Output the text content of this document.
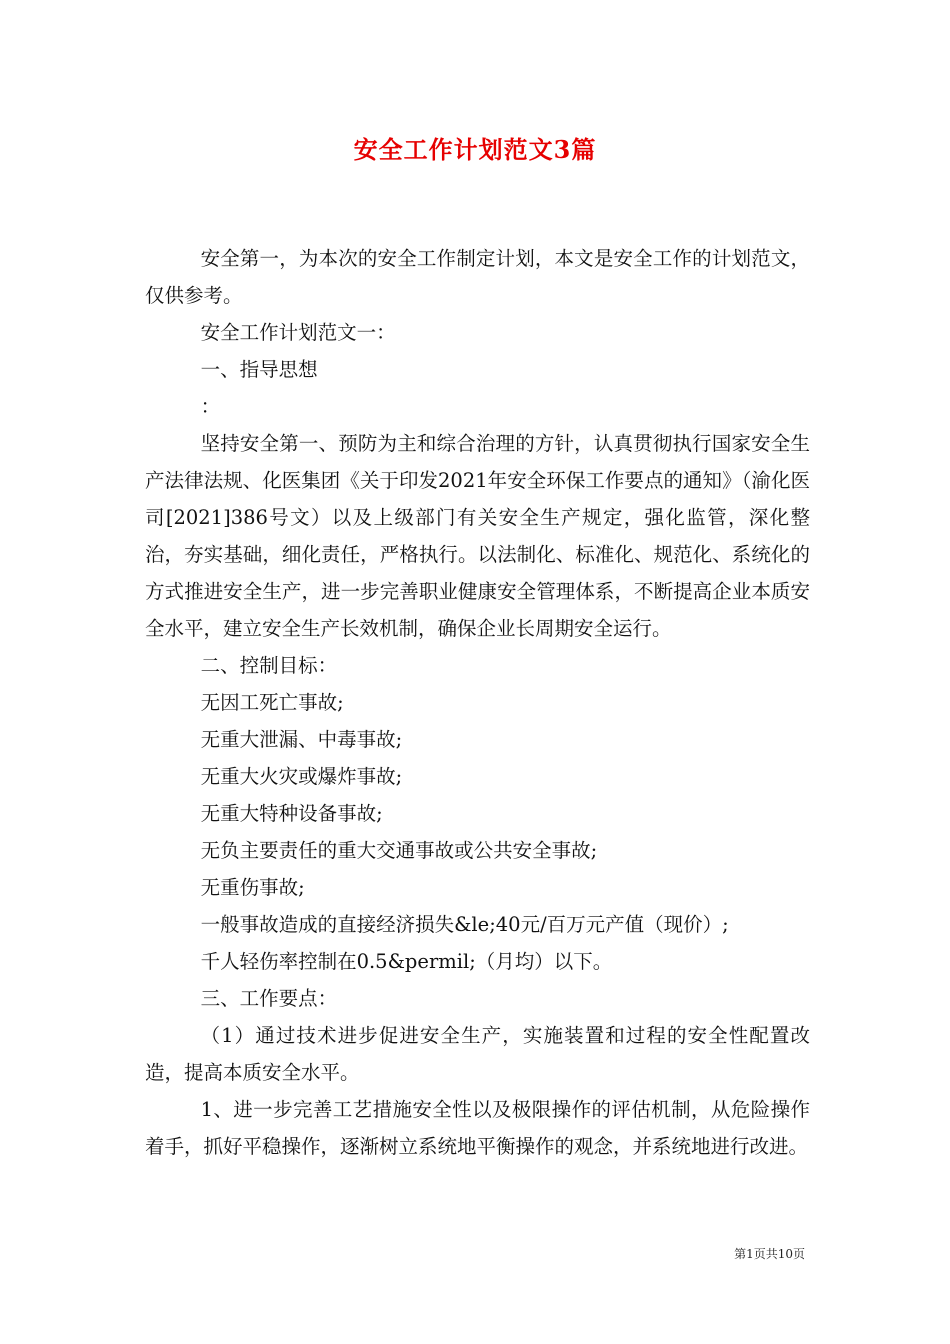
安全工作计划范文3篇

安全第一，为本次的安全工作制定计划，本文是安全工作的计划范文，仅供参考。

安全工作计划范文一：

一、指导思想

：

坚持安全第一、预防为主和综合治理的方针，认真贯彻执行国家安全生产法律法规、化医集团《关于印发2021年安全环保工作要点的通知》（渝化医司[2021]386号文）以及上级部门有关安全生产规定，强化监管，深化整治，夯实基础，细化责任，严格执行。以法制化、标准化、规范化、系统化的方式推进安全生产，进一步完善职业健康安全管理体系，不断提高企业本质安全水平，建立安全生产长效机制，确保企业长周期安全运行。

二、控制目标：

无因工死亡事故;

无重大泄漏、中毒事故;

无重大火灾或爆炸事故;

无重大特种设备事故;

无负主要责任的重大交通事故或公共安全事故;

无重伤事故;

一般事故造成的直接经济损失&le;40元/百万元产值（现价）;

千人轻伤率控制在0.5&permil;（月均）以下。

三、工作要点：

（1）通过技术进步促进安全生产，实施装置和过程的安全性配置改造，提高本质安全水平。

1、进一步完善工艺措施安全性以及极限操作的评估机制，从危险操作着手，抓好平稳操作，逐渐树立系统地平衡操作的观念，并系统地进行改进。

第1页共10页
